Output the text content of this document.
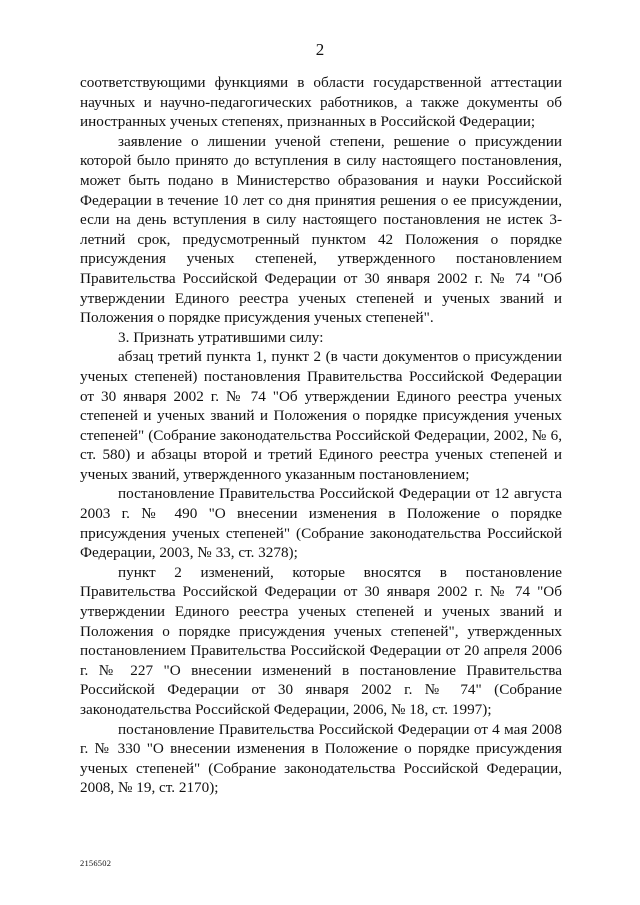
2

соответствующими функциями в области государственной аттестации научных и научно-педагогических работников, а также документы об иностранных ученых степенях, признанных в Российской Федерации;

заявление о лишении ученой степени, решение о присуждении которой было принято до вступления в силу настоящего постановления, может быть подано в Министерство образования и науки Российской Федерации в течение 10 лет со дня принятия решения о ее присуждении, если на день вступления в силу настоящего постановления не истек 3-летний срок, предусмотренный пунктом 42 Положения о порядке присуждения ученых степеней, утвержденного постановлением Правительства Российской Федерации от 30 января 2002 г. № 74 "Об утверждении Единого реестра ученых степеней и ученых званий и Положения о порядке присуждения ученых степеней".

3. Признать утратившими силу:

абзац третий пункта 1, пункт 2 (в части документов о присуждении ученых степеней) постановления Правительства Российской Федерации от 30 января 2002 г. № 74 "Об утверждении Единого реестра ученых степеней и ученых званий и Положения о порядке присуждения ученых степеней" (Собрание законодательства Российской Федерации, 2002, № 6, ст. 580) и абзацы второй и третий Единого реестра ученых степеней и ученых званий, утвержденного указанным постановлением;

постановление Правительства Российской Федерации от 12 августа 2003 г. № 490 "О внесении изменения в Положение о порядке присуждения ученых степеней" (Собрание законодательства Российской Федерации, 2003, № 33, ст. 3278);

пункт 2 изменений, которые вносятся в постановление Правительства Российской Федерации от 30 января 2002 г. № 74 "Об утверждении Единого реестра ученых степеней и ученых званий и Положения о порядке присуждения ученых степеней", утвержденных постановлением Правительства Российской Федерации от 20 апреля 2006 г. № 227 "О внесении изменений в постановление Правительства Российской Федерации от 30 января 2002 г. № 74" (Собрание законодательства Российской Федерации, 2006, № 18, ст. 1997);

постановление Правительства Российской Федерации от 4 мая 2008 г. № 330 "О внесении изменения в Положение о порядке присуждения ученых степеней" (Собрание законодательства Российской Федерации, 2008, № 19, ст. 2170);

2156502
